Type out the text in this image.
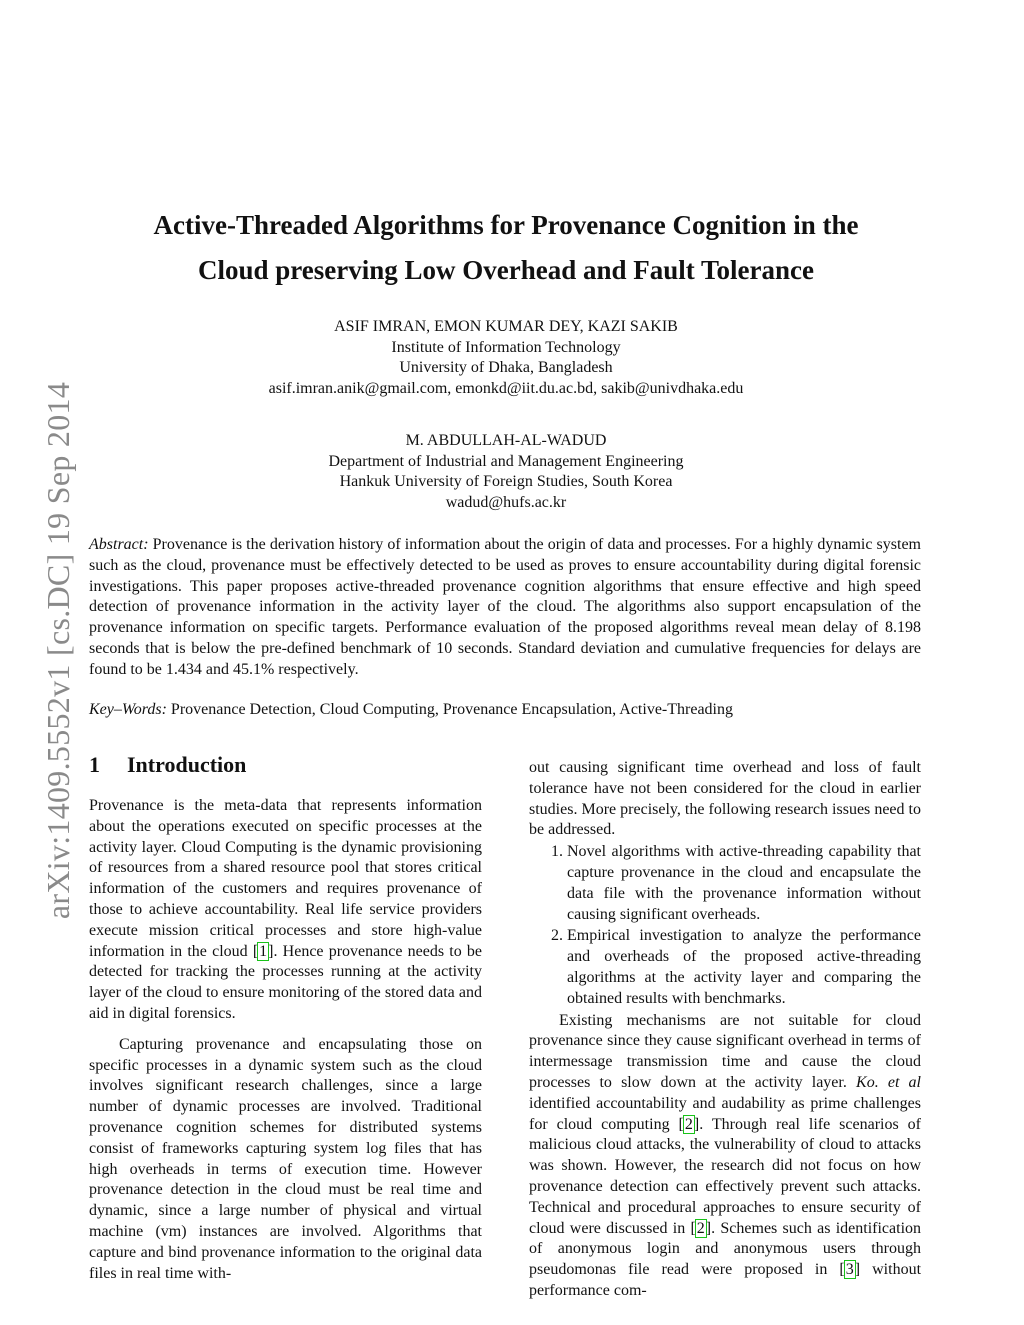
arXiv:1409.5552v1 [cs.DC] 19 Sep 2014
Active-Threaded Algorithms for Provenance Cognition in the
Cloud preserving Low Overhead and Fault Tolerance
ASIF IMRAN, EMON KUMAR DEY, KAZI SAKIB
Institute of Information Technology
University of Dhaka, Bangladesh
asif.imran.anik@gmail.com, emonkd@iit.du.ac.bd, sakib@univdhaka.edu
M. ABDULLAH-AL-WADUD
Department of Industrial and Management Engineering
Hankuk University of Foreign Studies, South Korea
wadud@hufs.ac.kr
Abstract: Provenance is the derivation history of information about the origin of data and processes. For a highly dynamic system such as the cloud, provenance must be effectively detected to be used as proves to ensure accountability during digital forensic investigations. This paper proposes active-threaded provenance cognition algorithms that ensure effective and high speed detection of provenance information in the activity layer of the cloud. The algorithms also support encapsulation of the provenance information on specific targets. Performance evaluation of the proposed algorithms reveal mean delay of 8.198 seconds that is below the pre-defined benchmark of 10 seconds. Standard deviation and cumulative frequencies for delays are found to be 1.434 and 45.1% respectively.
Key–Words: Provenance Detection, Cloud Computing, Provenance Encapsulation, Active-Threading
1 Introduction

Provenance is the meta-data that represents information about the operations executed on specific processes at the activity layer. Cloud Computing is the dynamic provisioning of resources from a shared resource pool that stores critical information of the customers and requires provenance of those to achieve accountability. Real life service providers execute mission critical processes and store high-value information in the cloud [1]. Hence provenance needs to be detected for tracking the processes running at the activity layer of the cloud to ensure monitoring of the stored data and aid in digital forensics.

Capturing provenance and encapsulating those on specific processes in a dynamic system such as the cloud involves significant research challenges, since a large number of dynamic processes are involved. Traditional provenance cognition schemes for distributed systems consist of frameworks capturing system log files that has high overheads in terms of execution time. However provenance detection in the cloud must be real time and dynamic, since a large number of physical and virtual machine (vm) instances are involved. Algorithms that capture and bind provenance information to the original data files in real time with-

out causing significant time overhead and loss of fault tolerance have not been considered for the cloud in earlier studies. More precisely, the following research issues need to be addressed.

1. Novel algorithms with active-threading capability that capture provenance in the cloud and encapsulate the data file with the provenance information without causing significant overheads.
2. Empirical investigation to analyze the performance and overheads of the proposed active-threading algorithms at the activity layer and comparing the obtained results with benchmarks.

Existing mechanisms are not suitable for cloud provenance since they cause significant overhead in terms of intermessage transmission time and cause the cloud processes to slow down at the activity layer. Ko. et al identified accountability and audability as prime challenges for cloud computing [2]. Through real life scenarios of malicious cloud attacks, the vulnerability of cloud to attacks was shown. However, the research did not focus on how provenance detection can effectively prevent such attacks. Technical and procedural approaches to ensure security of cloud were discussed in [2]. Schemes such as identification of anonymous login and anonymous users through pseudomonas file read were proposed in [3] without performance com-
